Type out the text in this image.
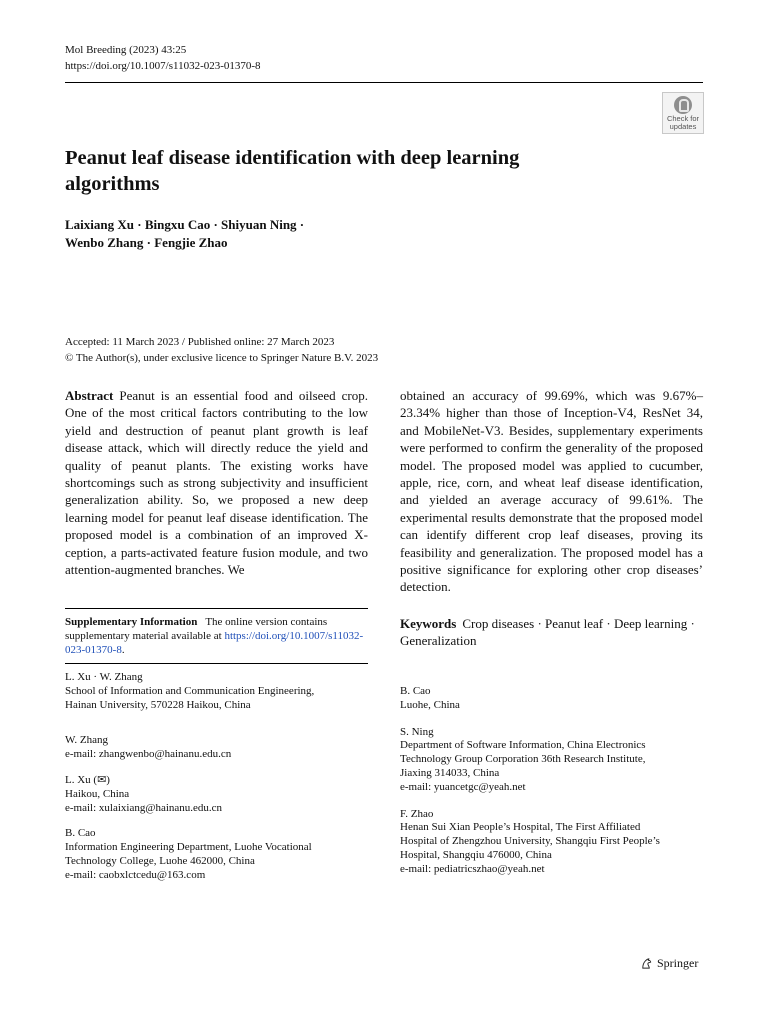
Mol Breeding (2023) 43:25
https://doi.org/10.1007/s11032-023-01370-8
Check for
updates
Peanut leaf disease identification with deep learning
algorithms
Laixiang Xu · Bingxu Cao · Shiyuan Ning ·
Wenbo Zhang · Fengjie Zhao
Accepted: 11 March 2023 / Published online: 27 March 2023
© The Author(s), under exclusive licence to Springer Nature B.V. 2023

Abstract Peanut is an essential food and oilseed crop. One of the most critical factors contributing to the low yield and destruction of peanut plant growth is leaf disease attack, which will directly reduce the yield and quality of peanut plants. The existing works have shortcomings such as strong subjectivity and insufficient generalization ability. So, we proposed a new deep learning model for peanut leaf disease identification. The proposed model is a combination of an improved X-ception, a parts-activated feature fusion module, and two attention-augmented branches. We

obtained an accuracy of 99.69%, which was 9.67%–23.34% higher than those of Inception-V4, ResNet 34, and MobileNet-V3. Besides, supplementary experiments were performed to confirm the generality of the proposed model. The proposed model was applied to cucumber, apple, rice, corn, and wheat leaf disease identification, and yielded an average accuracy of 99.61%. The experimental results demonstrate that the proposed model can identify different crop leaf diseases, proving its feasibility and generalization. The proposed model has a positive significance for exploring other crop diseases’ detection.

Supplementary Information The online version contains supplementary material available at https://doi.org/10.1007/s11032-023-01370-8.
Keywords Crop diseases · Peanut leaf · Deep learning · Generalization
L. Xu · W. Zhang
School of Information and Communication Engineering,
Hainan University, 570228 Haikou, China
W. Zhang
e-mail: zhangwenbo@hainanu.edu.cn
L. Xu (✉)
Haikou, China
e-mail: xulaixiang@hainanu.edu.cn
B. Cao
Information Engineering Department, Luohe Vocational
Technology College, Luohe 462000, China
e-mail: caobxlctcedu@163.com
B. Cao
Luohe, China
S. Ning
Department of Software Information, China Electronics
Technology Group Corporation 36th Research Institute,
Jiaxing 314033, China
e-mail: yuancetgc@yeah.net
F. Zhao
Henan Sui Xian People’s Hospital, The First Affiliated
Hospital of Zhengzhou University, Shangqiu First People’s
Hospital, Shangqiu 476000, China
e-mail: pediatricszhao@yeah.net
Springer
